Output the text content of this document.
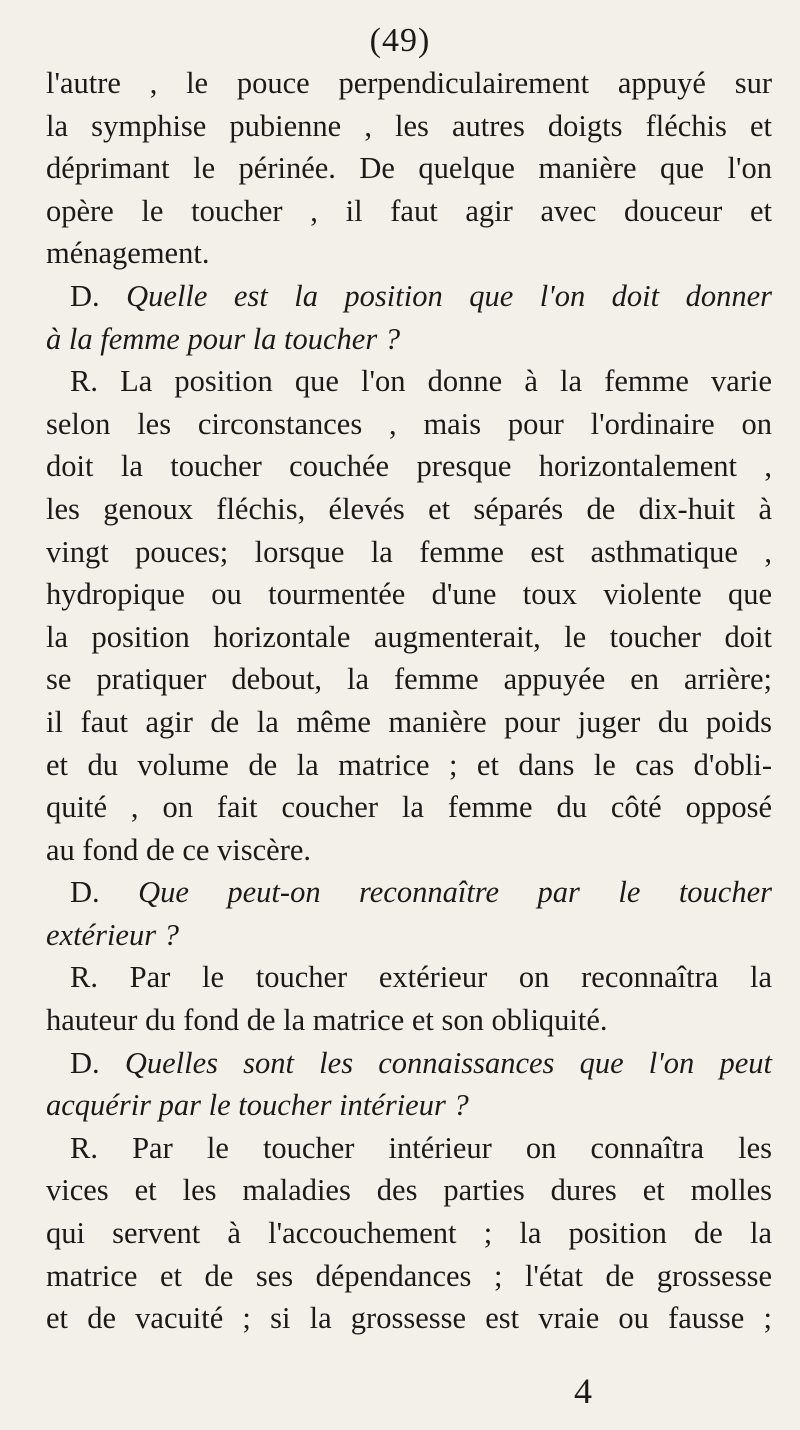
(49)
l'autre , le pouce perpendiculairement appuyé sur
la symphise pubienne , les autres doigts fléchis et
déprimant le périnée. De quelque manière que l'on
opère le toucher , il faut agir avec douceur et
ménagement.
D. Quelle est la position que l'on doit donner
à la femme pour la toucher ?
R. La position que l'on donne à la femme varie
selon les circonstances , mais pour l'ordinaire on
doit la toucher couchée presque horizontalement ,
les genoux fléchis, élevés et séparés de dix-huit à
vingt pouces; lorsque la femme est asthmatique ,
hydropique ou tourmentée d'une toux violente que
la position horizontale augmenterait, le toucher doit
se pratiquer debout, la femme appuyée en arrière;
il faut agir de la même manière pour juger du poids
et du volume de la matrice ; et dans le cas d'obli-
quité , on fait coucher la femme du côté opposé
au fond de ce viscère.
D. Que peut-on reconnaître par le toucher
extérieur ?
R. Par le toucher extérieur on reconnaîtra la
hauteur du fond de la matrice et son obliquité.
D. Quelles sont les connaissances que l'on peut
acquérir par le toucher intérieur ?
R. Par le toucher intérieur on connaîtra les
vices et les maladies des parties dures et molles
qui servent à l'accouchement ; la position de la
matrice et de ses dépendances ; l'état de grossesse
et de vacuité ; si la grossesse est vraie ou fausse ;
4
